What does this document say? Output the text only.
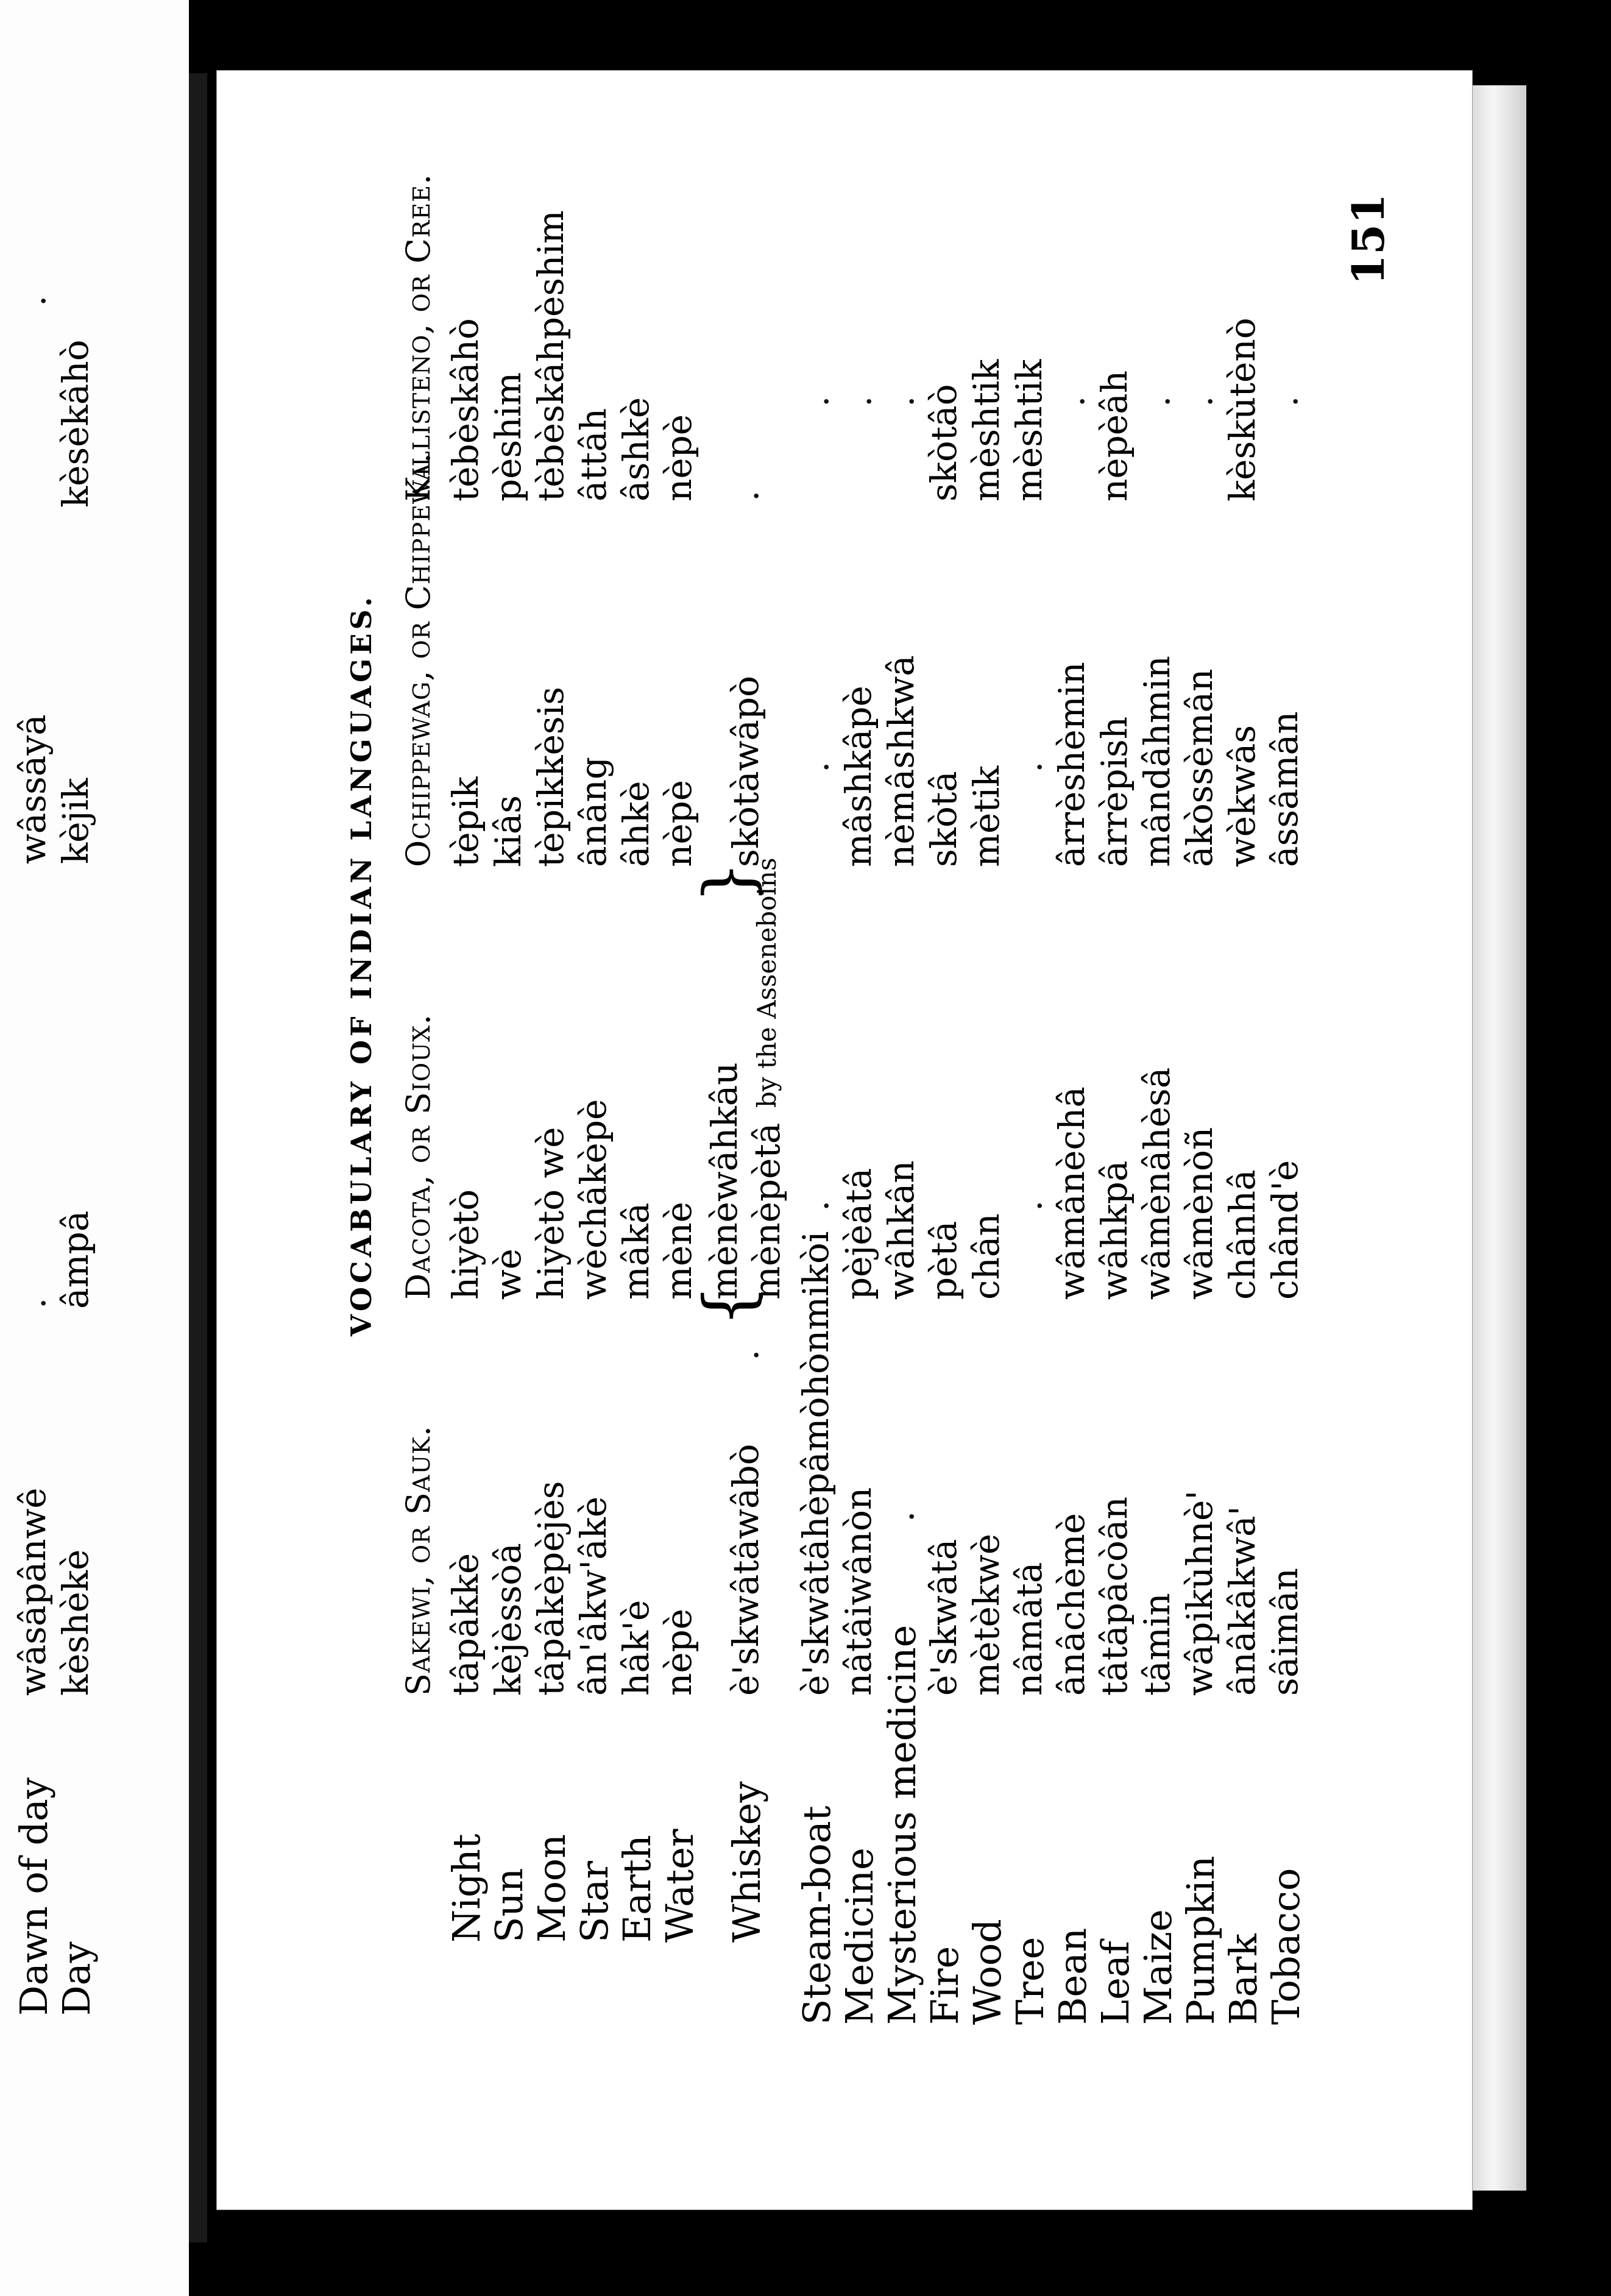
Dawn of day
wâsâpânwê
.
wâssâyâ
.
Day
kèshèkè
âmpâ
kèjik
kèsèkâhò
VOCABULARY OF INDIAN LANGUAGES.
151
Sakewi, or Sauk.
Dacota, or Sioux.
Ochippewag, or Chippewa.
Killisteno, or Cree.
Night
tâpâkkè
hiyètò
tèpik
tèbèskâhò
Sun
kèjèssòâ
wè
kiâs
pèshim
Moon
tâpâkèpèjès
hiyètò wè
tèpikkèsis
tèbèskâhpèshim
Star
ân'âkw'âkè
wèchâkèpè
ânâng
âttâh
Earth
hâk'è
mâkâ
âhkè
âshkè
Water
nèpè
mènè
nèpè
nèpè
Whiskey
è'skwâtâwâbò
.
{
mènèwâhkâu mènèpètâ
by the Asseneboins
}
skòtàwâpò
.
Steam-boat
è'skwâtâhèpâmòhònmikòi
.
.
.
Medicine
nâtâiwânòn
pèjèâtâ
mâshkâpè
.
Mysterious medicine
.
wâhkân
nèmâshkwâ
.
Fire
è'skwâtâ
pètâ
skòtâ
skòtâò
Wood
mètèkwè
chân
mètik
mèshtik
Tree
nâmâtâ
.
.
mèshtik
Bean
ânâchèmè
wâmânèchâ
ârrèshèmin
.
Leaf
tâtâpâcòân
wâhkpâ
ârrèpish
nèpèâh
Maize
tâmin
wâmènâhèsâ
mândâhmin
.
Pumpkin
wâpikùhnè'
wâmènòñ
âkòssèmân
.
Bark
ânâkâkwâ'
chânhâ
wèkwâs
kèskùtènò
Tobacco
sâimân
chând'è
âssâmân
.
